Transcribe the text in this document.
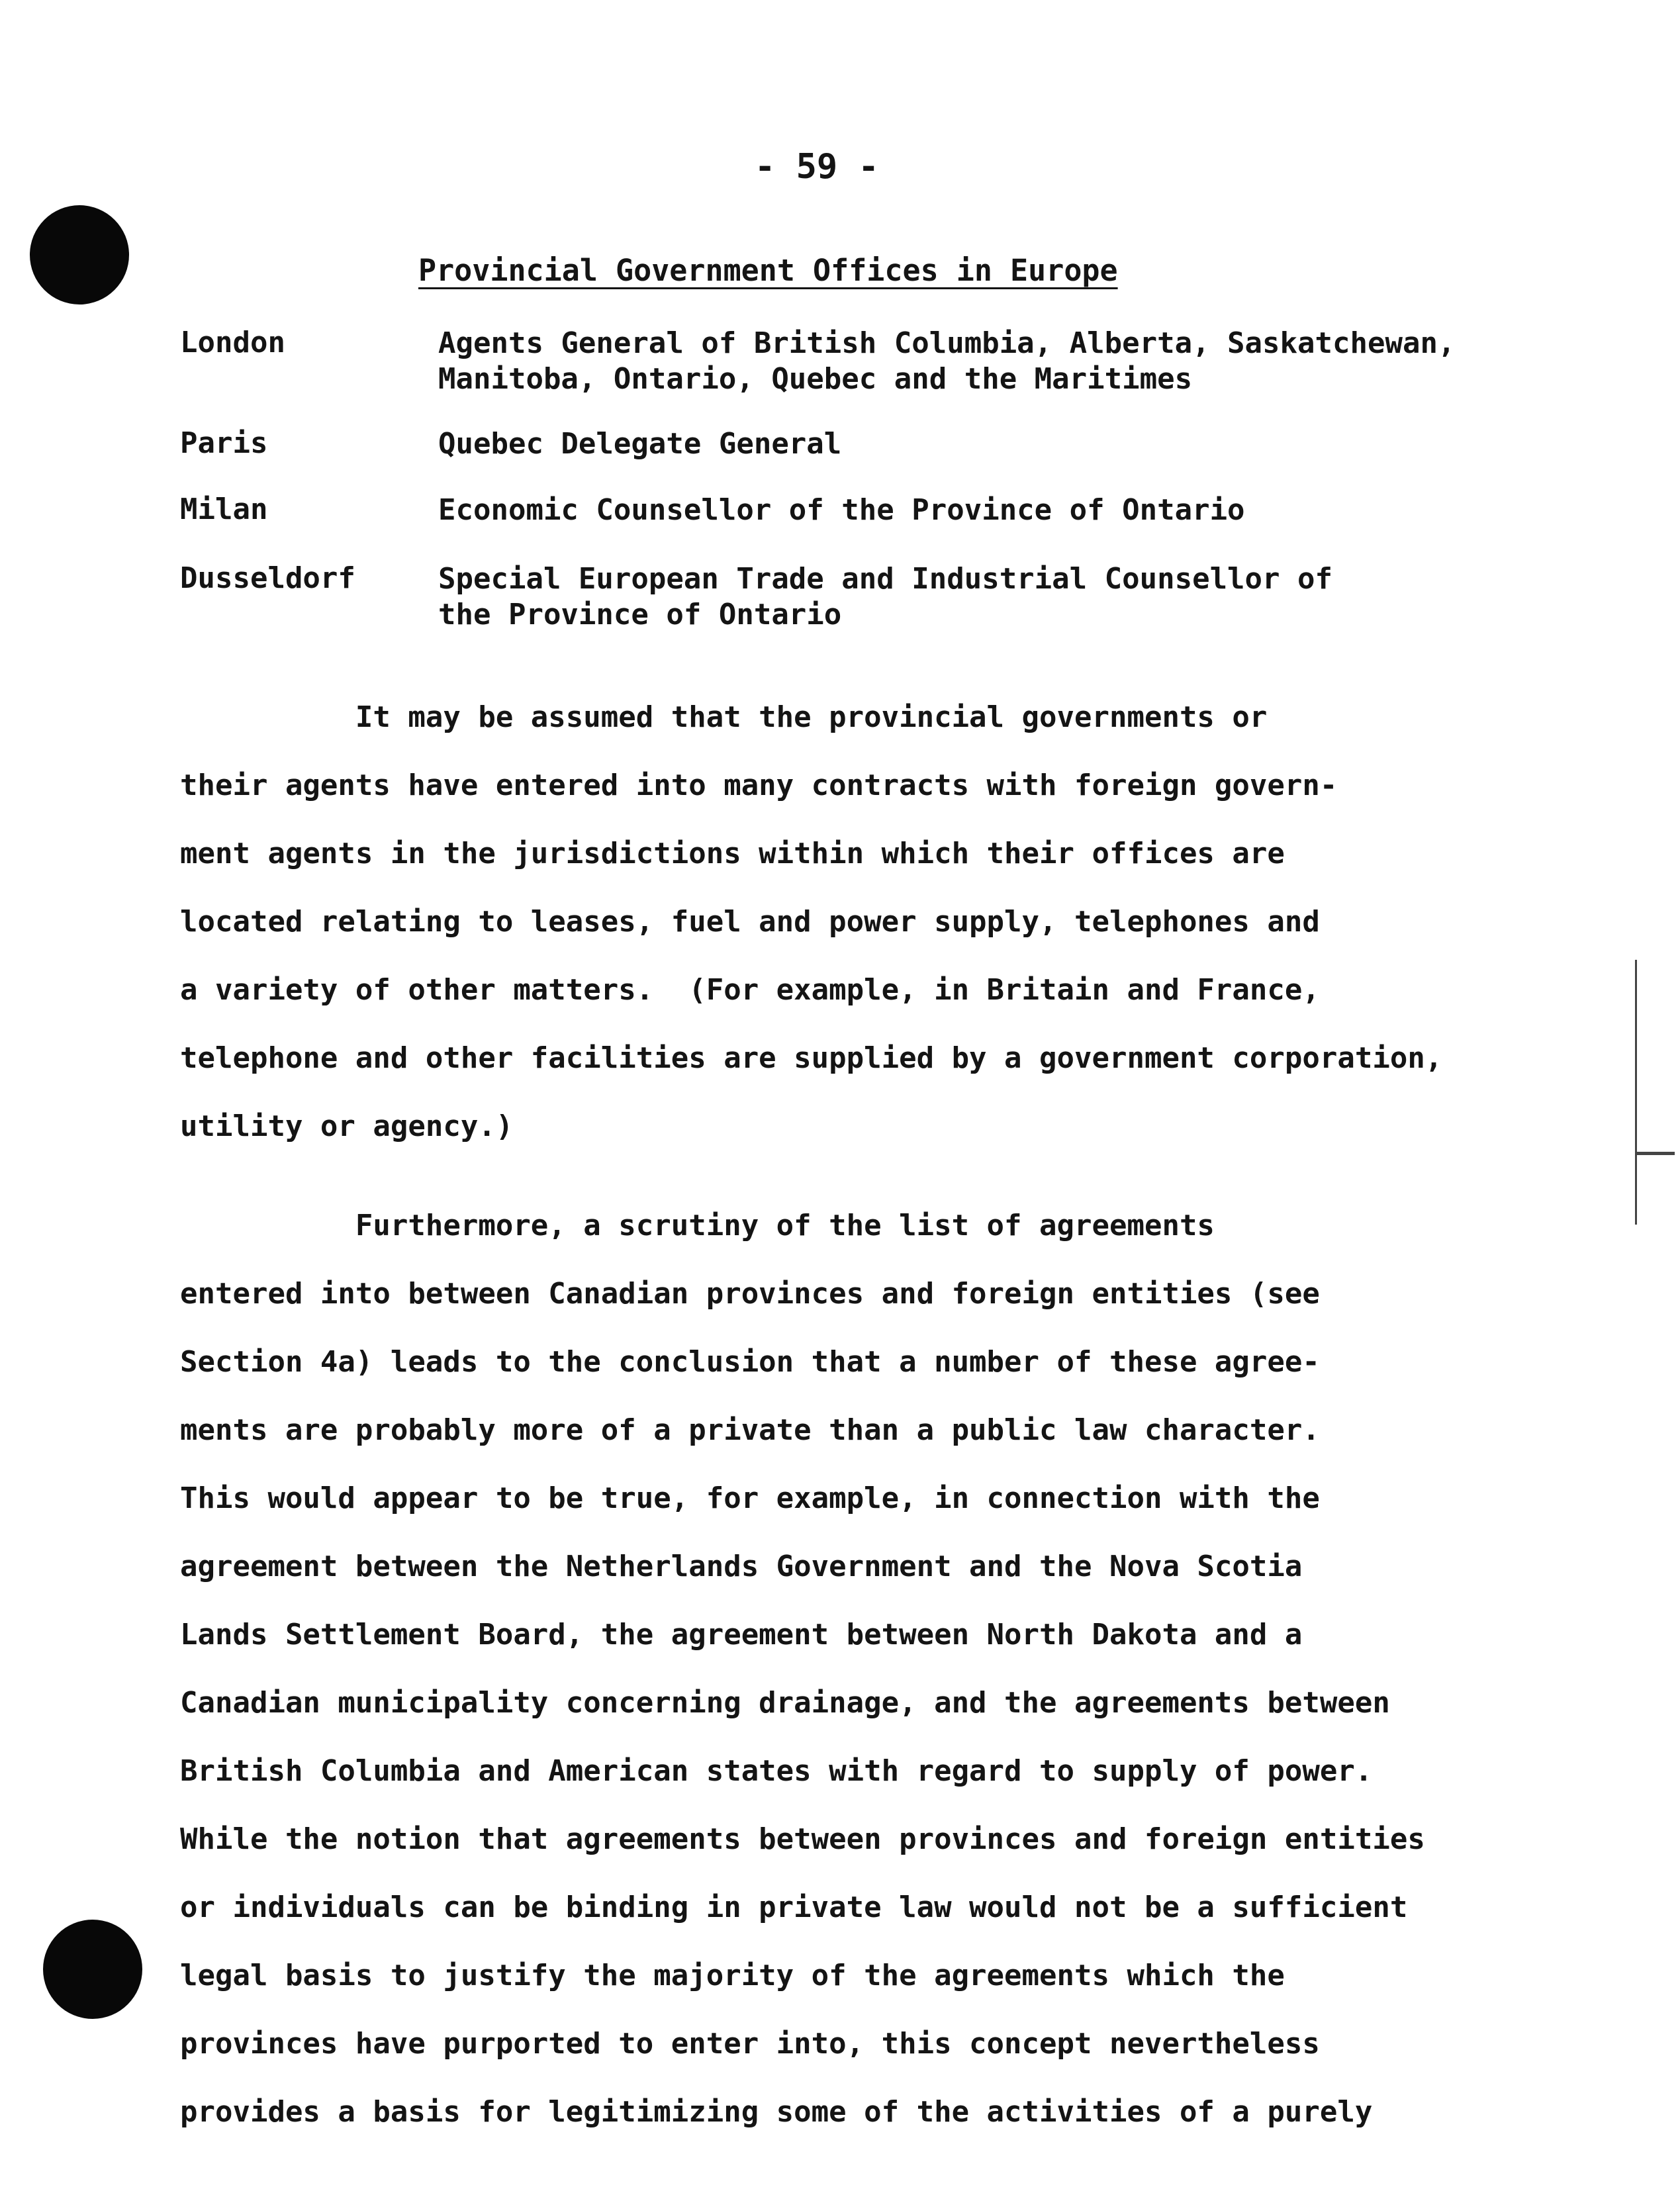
- 59 -
Provincial Government Offices in Europe
London	Agents General of British Columbia, Alberta, Saskatchewan,
Manitoba, Ontario, Quebec and the Maritimes
Paris	Quebec Delegate General
Milan	Economic Counsellor of the Province of Ontario
Dusseldorf	Special European Trade and Industrial Counsellor of
the Province of Ontario
It may be assumed that the provincial governments or
their agents have entered into many contracts with foreign govern-
ment agents in the jurisdictions within which their offices are
located relating to leases, fuel and power supply, telephones and
a variety of other matters.  (For example, in Britain and France,
telephone and other facilities are supplied by a government corporation,
utility or agency.)
Furthermore, a scrutiny of the list of agreements
entered into between Canadian provinces and foreign entities (see
Section 4a) leads to the conclusion that a number of these agree-
ments are probably more of a private than a public law character.
This would appear to be true, for example, in connection with the
agreement between the Netherlands Government and the Nova Scotia
Lands Settlement Board, the agreement between North Dakota and a
Canadian municipality concerning drainage, and the agreements between
British Columbia and American states with regard to supply of power.
While the notion that agreements between provinces and foreign entities
or individuals can be binding in private law would not be a sufficient
legal basis to justify the majority of the agreements which the
provinces have purported to enter into, this concept nevertheless
provides a basis for legitimizing some of the activities of a purely
